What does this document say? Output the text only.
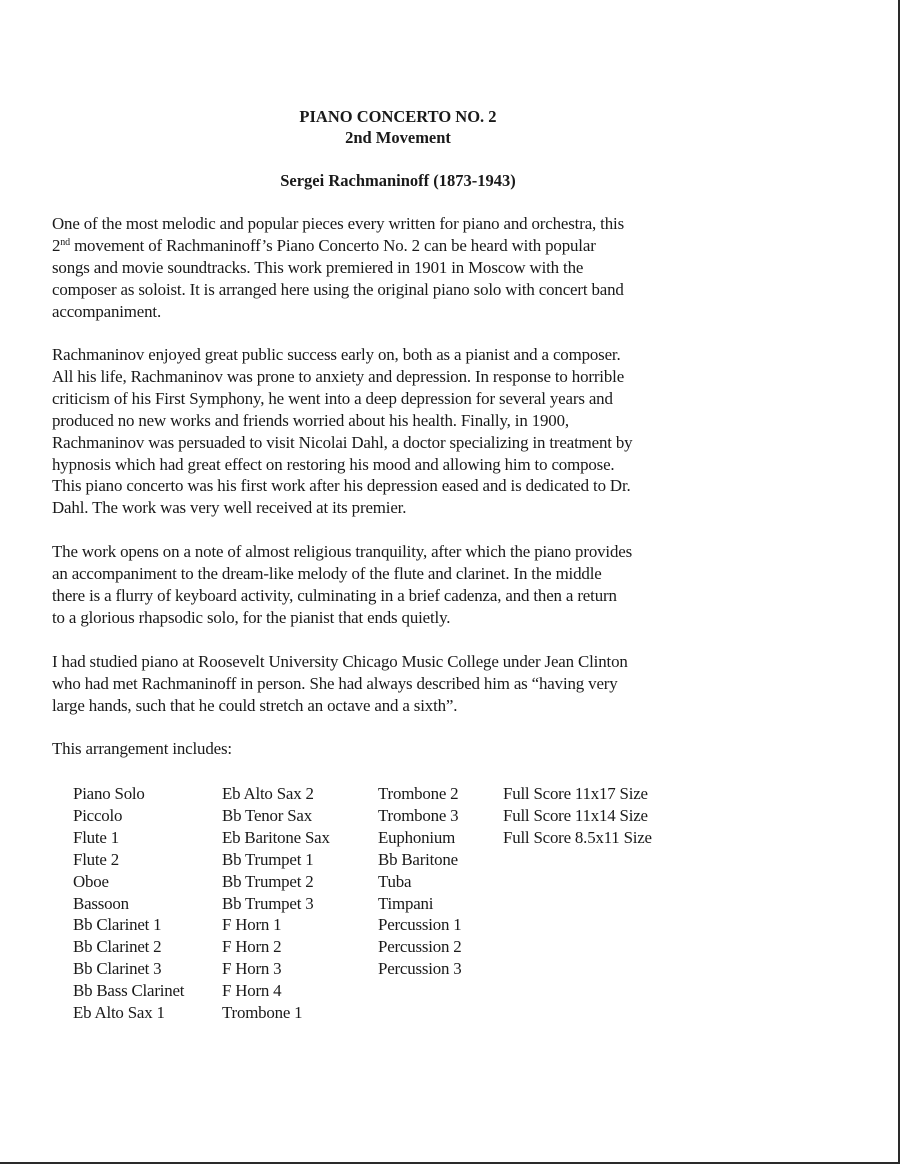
PIANO CONCERTO NO. 2
2nd Movement
Sergei Rachmaninoff (1873-1943)
One of the most melodic and popular pieces every written for piano and orchestra, this
2nd movement of Rachmaninoff’s Piano Concerto No. 2 can be heard with popular
songs and movie soundtracks. This work premiered in 1901 in Moscow with the
composer as soloist. It is arranged here using the original piano solo with concert band
accompaniment.
Rachmaninov enjoyed great public success early on, both as a pianist and a composer.
All his life, Rachmaninov was prone to anxiety and depression. In response to horrible
criticism of his First Symphony, he went into a deep depression for several years and
produced no new works and friends worried about his health. Finally, in 1900,
Rachmaninov was persuaded to visit Nicolai Dahl, a doctor specializing in treatment by
hypnosis which had great effect on restoring his mood and allowing him to compose.
This piano concerto was his first work after his depression eased and is dedicated to Dr.
Dahl. The work was very well received at its premier.
The work opens on a note of almost religious tranquility, after which the piano provides
an accompaniment to the dream-like melody of the flute and clarinet. In the middle
there is a flurry of keyboard activity, culminating in a brief cadenza, and then a return
to a glorious rhapsodic solo, for the pianist that ends quietly.
I had studied piano at Roosevelt University Chicago Music College under Jean Clinton
who had met Rachmaninoff in person. She had always described him as “having very
large hands, such that he could stretch an octave and a sixth”.
This arrangement includes:
Piano Solo
Piccolo
Flute 1
Flute 2
Oboe
Bassoon
Bb Clarinet 1
Bb Clarinet 2
Bb Clarinet 3
Bb Bass Clarinet
Eb Alto Sax 1
Eb Alto Sax 2
Bb Tenor Sax
Eb Baritone Sax
Bb Trumpet 1
Bb Trumpet 2
Bb Trumpet 3
F Horn 1
F Horn 2
F Horn 3
F Horn 4
Trombone 1
Trombone 2
Trombone 3
Euphonium
Bb Baritone
Tuba
Timpani
Percussion 1
Percussion 2
Percussion 3
Full Score 11x17 Size
Full Score 11x14 Size
Full Score 8.5x11 Size
